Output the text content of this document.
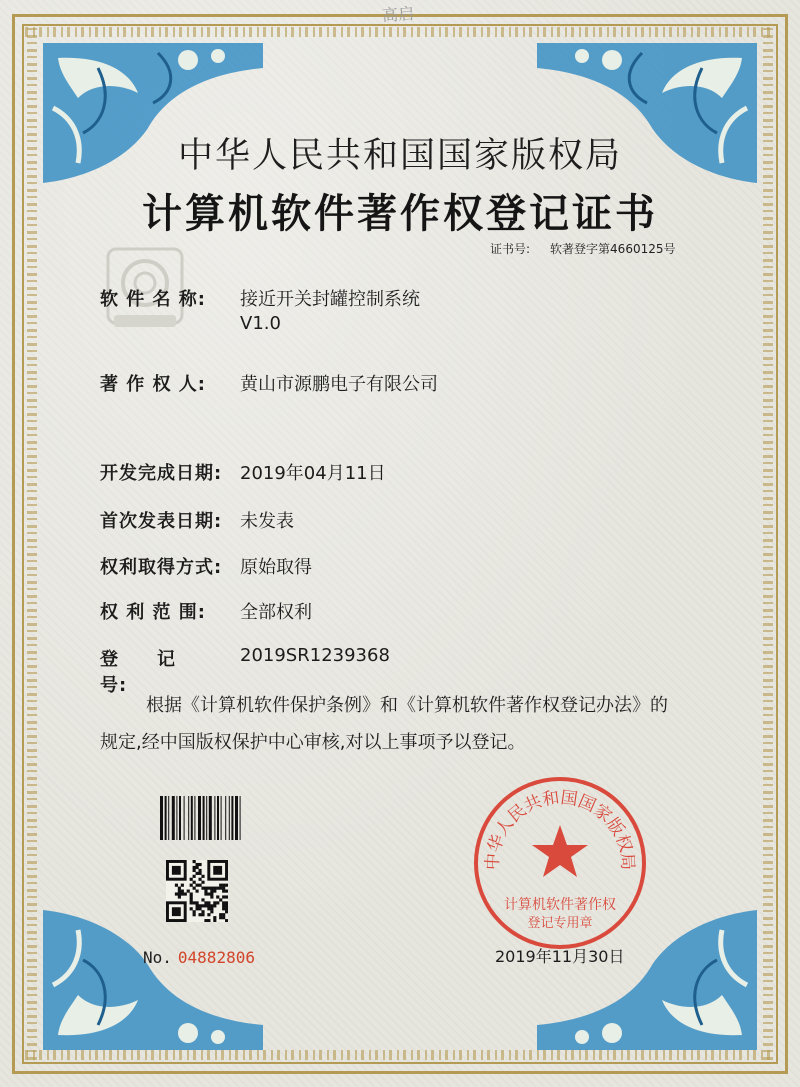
高启
中华人民共和国国家版权局
计算机软件著作权登记证书
证书号: 软著登字第4660125号
软 件 名 称: 接近开关封罐控制系统
V1.0
著 作 权 人: 黄山市源鹏电子有限公司
开发完成日期: 2019年04月11日
首次发表日期: 未发表
权利取得方式: 原始取得
权 利 范 围: 全部权利
登　　记　　号:2019SR1239368

根据《计算机软件保护条例》和《计算机软件著作权登记办法》的

规定,经中国版权保护中心审核,对以上事项予以登记。

No. 04882806
中华人民共和国国家版权局
计算机软件著作权
登记专用章
2019年11月30日
